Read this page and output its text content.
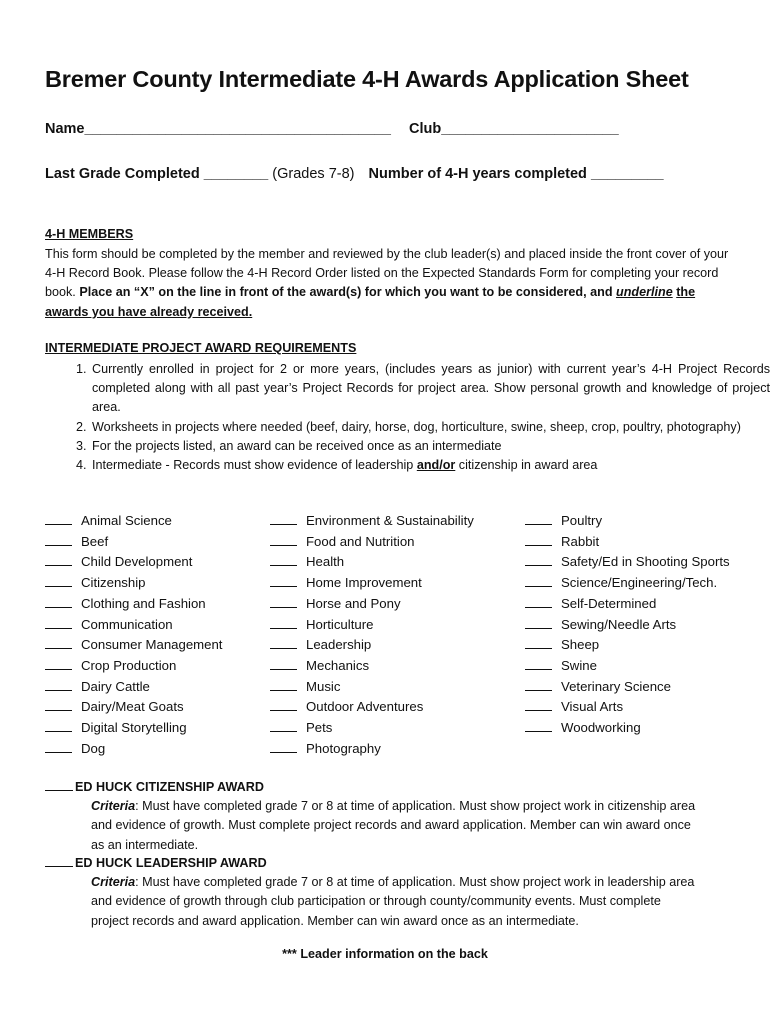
Bremer County Intermediate 4-H Awards Application Sheet
Name______________________________________ Club______________________
Last Grade Completed ________ (Grades 7-8) Number of 4-H years completed _________
4-H MEMBERS
This form should be completed by the member and reviewed by the club leader(s) and placed inside the front cover of your 4-H Record Book. Please follow the 4-H Record Order listed on the Expected Standards Form for completing your record book. Place an “X” on the line in front of the award(s) for which you want to be considered, and underline the awards you have already received.
INTERMEDIATE PROJECT AWARD REQUIREMENTS
1. Currently enrolled in project for 2 or more years, (includes years as junior) with current year’s 4-H Project Records completed along with all past year’s Project Records for project area. Show personal growth and knowledge of project area.
2. Worksheets in projects where needed (beef, dairy, horse, dog, horticulture, swine, sheep, crop, poultry, photography)
3. For the projects listed, an award can be received once as an intermediate
4. Intermediate - Records must show evidence of leadership and/or citizenship in award area
Animal Science
Beef
Child Development
Citizenship
Clothing and Fashion
Communication
Consumer Management
Crop Production
Dairy Cattle
Dairy/Meat Goats
Digital Storytelling
Dog
Environment & Sustainability
Food and Nutrition
Health
Home Improvement
Horse and Pony
Horticulture
Leadership
Mechanics
Music
Outdoor Adventures
Pets
Photography
Poultry
Rabbit
Safety/Ed in Shooting Sports
Science/Engineering/Tech.
Self-Determined
Sewing/Needle Arts
Sheep
Swine
Veterinary Science
Visual Arts
Woodworking
ED HUCK CITIZENSHIP AWARD
Criteria: Must have completed grade 7 or 8 at time of application. Must show project work in citizenship area and evidence of growth. Must complete project records and award application. Member can win award once as an intermediate.
ED HUCK LEADERSHIP AWARD
Criteria: Must have completed grade 7 or 8 at time of application. Must show project work in leadership area and evidence of growth through club participation or through county/community events. Must complete project records and award application. Member can win award once as an intermediate.
*** Leader information on the back
